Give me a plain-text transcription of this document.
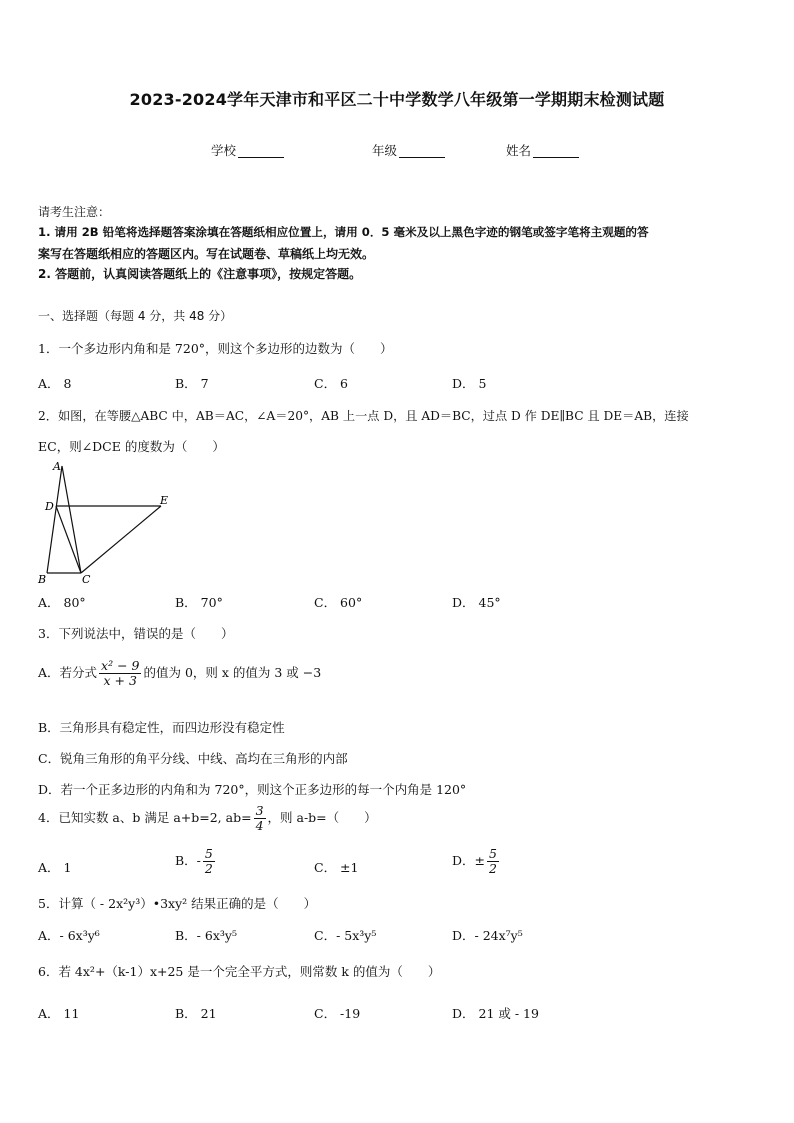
2023-2024学年天津市和平区二十中学数学八年级第一学期期末检测试题
学校	年级	姓名
请考生注意：
1. 请用 2B 铅笔将选择题答案涂填在答题纸相应位置上，请用 0．5 毫米及以上黑色字迹的钢笔或签字笔将主观题的答
案写在答题纸相应的答题区内。写在试题卷、草稿纸上均无效。
2. 答题前，认真阅读答题纸上的《注意事项》，按规定答题。
一、选择题（每题 4 分，共 48 分）
1．一个多边形内角和是 720°，则这个多边形的边数为（　　）
A． 8	B． 7	C． 6	D． 5
2．如图，在等腰△ABC 中，AB＝AC，∠A＝20°，AB 上一点 D，且 AD＝BC，过点 D 作 DE∥BC 且 DE＝AB，连接
EC，则∠DCE 的度数为（　　）
A
D	E
B	C
A． 80°	B． 70°	C． 60°	D． 45°
3．下列说法中，错误的是（　　）
A．若分式 $\frac{\text{x² − 9}}{x + 3}$ 的值为 0，则 x 的值为 3 或 −3
B．三角形具有稳定性，而四边形没有稳定性
C．锐角三角形的角平分线、中线、高均在三角形的内部
D．若一个正多边形的内角和为 720°，则这个正多边形的每一个内角是 120°
4．已知实数 a、b 满足 a+b=2, $ab= \frac{3}{4}$ ，则 a-b=（　　）
A． 1	B．- $\frac{5}{2}$	C． ±1	D．± $\frac{5}{2}$
5．计算（ - 2x²y³）•3xy² 结果正确的是（　　）
A．- 6x³y⁶	B．- 6x³y⁵	C．- 5x³y⁵	D．- 24x⁷y⁵
6．若 4x²+（k-1）x+25 是一个完全平方式，则常数 k 的值为（　　）
A． 11	B． 21	C． -19	D． 21 或 - 19
